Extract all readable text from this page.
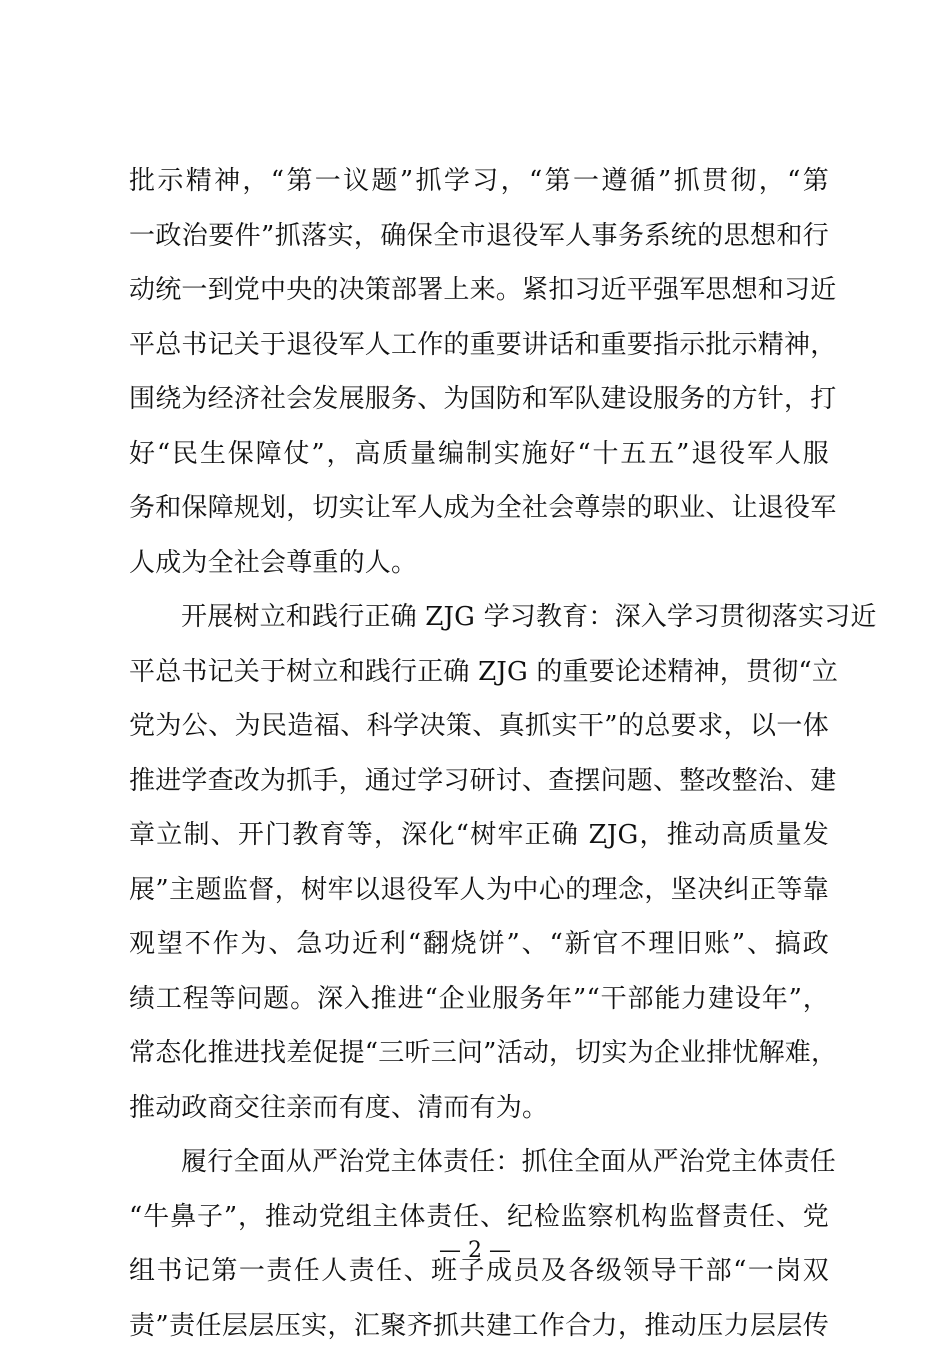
批示精神，“第一议题”抓学习，“第一遵循”抓贯彻，“第
一政治要件”抓落实，确保全市退役军人事务系统的思想和行
动统一到党中央的决策部署上来。紧扣习近平强军思想和习近
平总书记关于退役军人工作的重要讲话和重要指示批示精神，
围绕为经济社会发展服务、为国防和军队建设服务的方针，打
好“民生保障仗”，高质量编制实施好“十五五”退役军人服
务和保障规划，切实让军人成为全社会尊崇的职业、让退役军
人成为全社会尊重的人。
开展树立和践行正确 ZJG 学习教育：深入学习贯彻落实习近
平总书记关于树立和践行正确 ZJG 的重要论述精神，贯彻“立
党为公、为民造福、科学决策、真抓实干”的总要求，以一体
推进学查改为抓手，通过学习研讨、查摆问题、整改整治、建
章立制、开门教育等，深化“树牢正确 ZJG，推动高质量发
展”主题监督，树牢以退役军人为中心的理念，坚决纠正等靠
观望不作为、急功近利“翻烧饼”、“新官不理旧账”、搞政
绩工程等问题。深入推进“企业服务年”“干部能力建设年”，
常态化推进找差促提“三听三问”活动，切实为企业排忧解难，
推动政商交往亲而有度、清而有为。
履行全面从严治党主体责任：抓住全面从严治党主体责任
“牛鼻子”，推动党组主体责任、纪检监察机构监督责任、党
组书记第一责任人责任、班子成员及各级领导干部“一岗双
责”责任层层压实，汇聚齐抓共建工作合力，推动压力层层传
— 2 —
